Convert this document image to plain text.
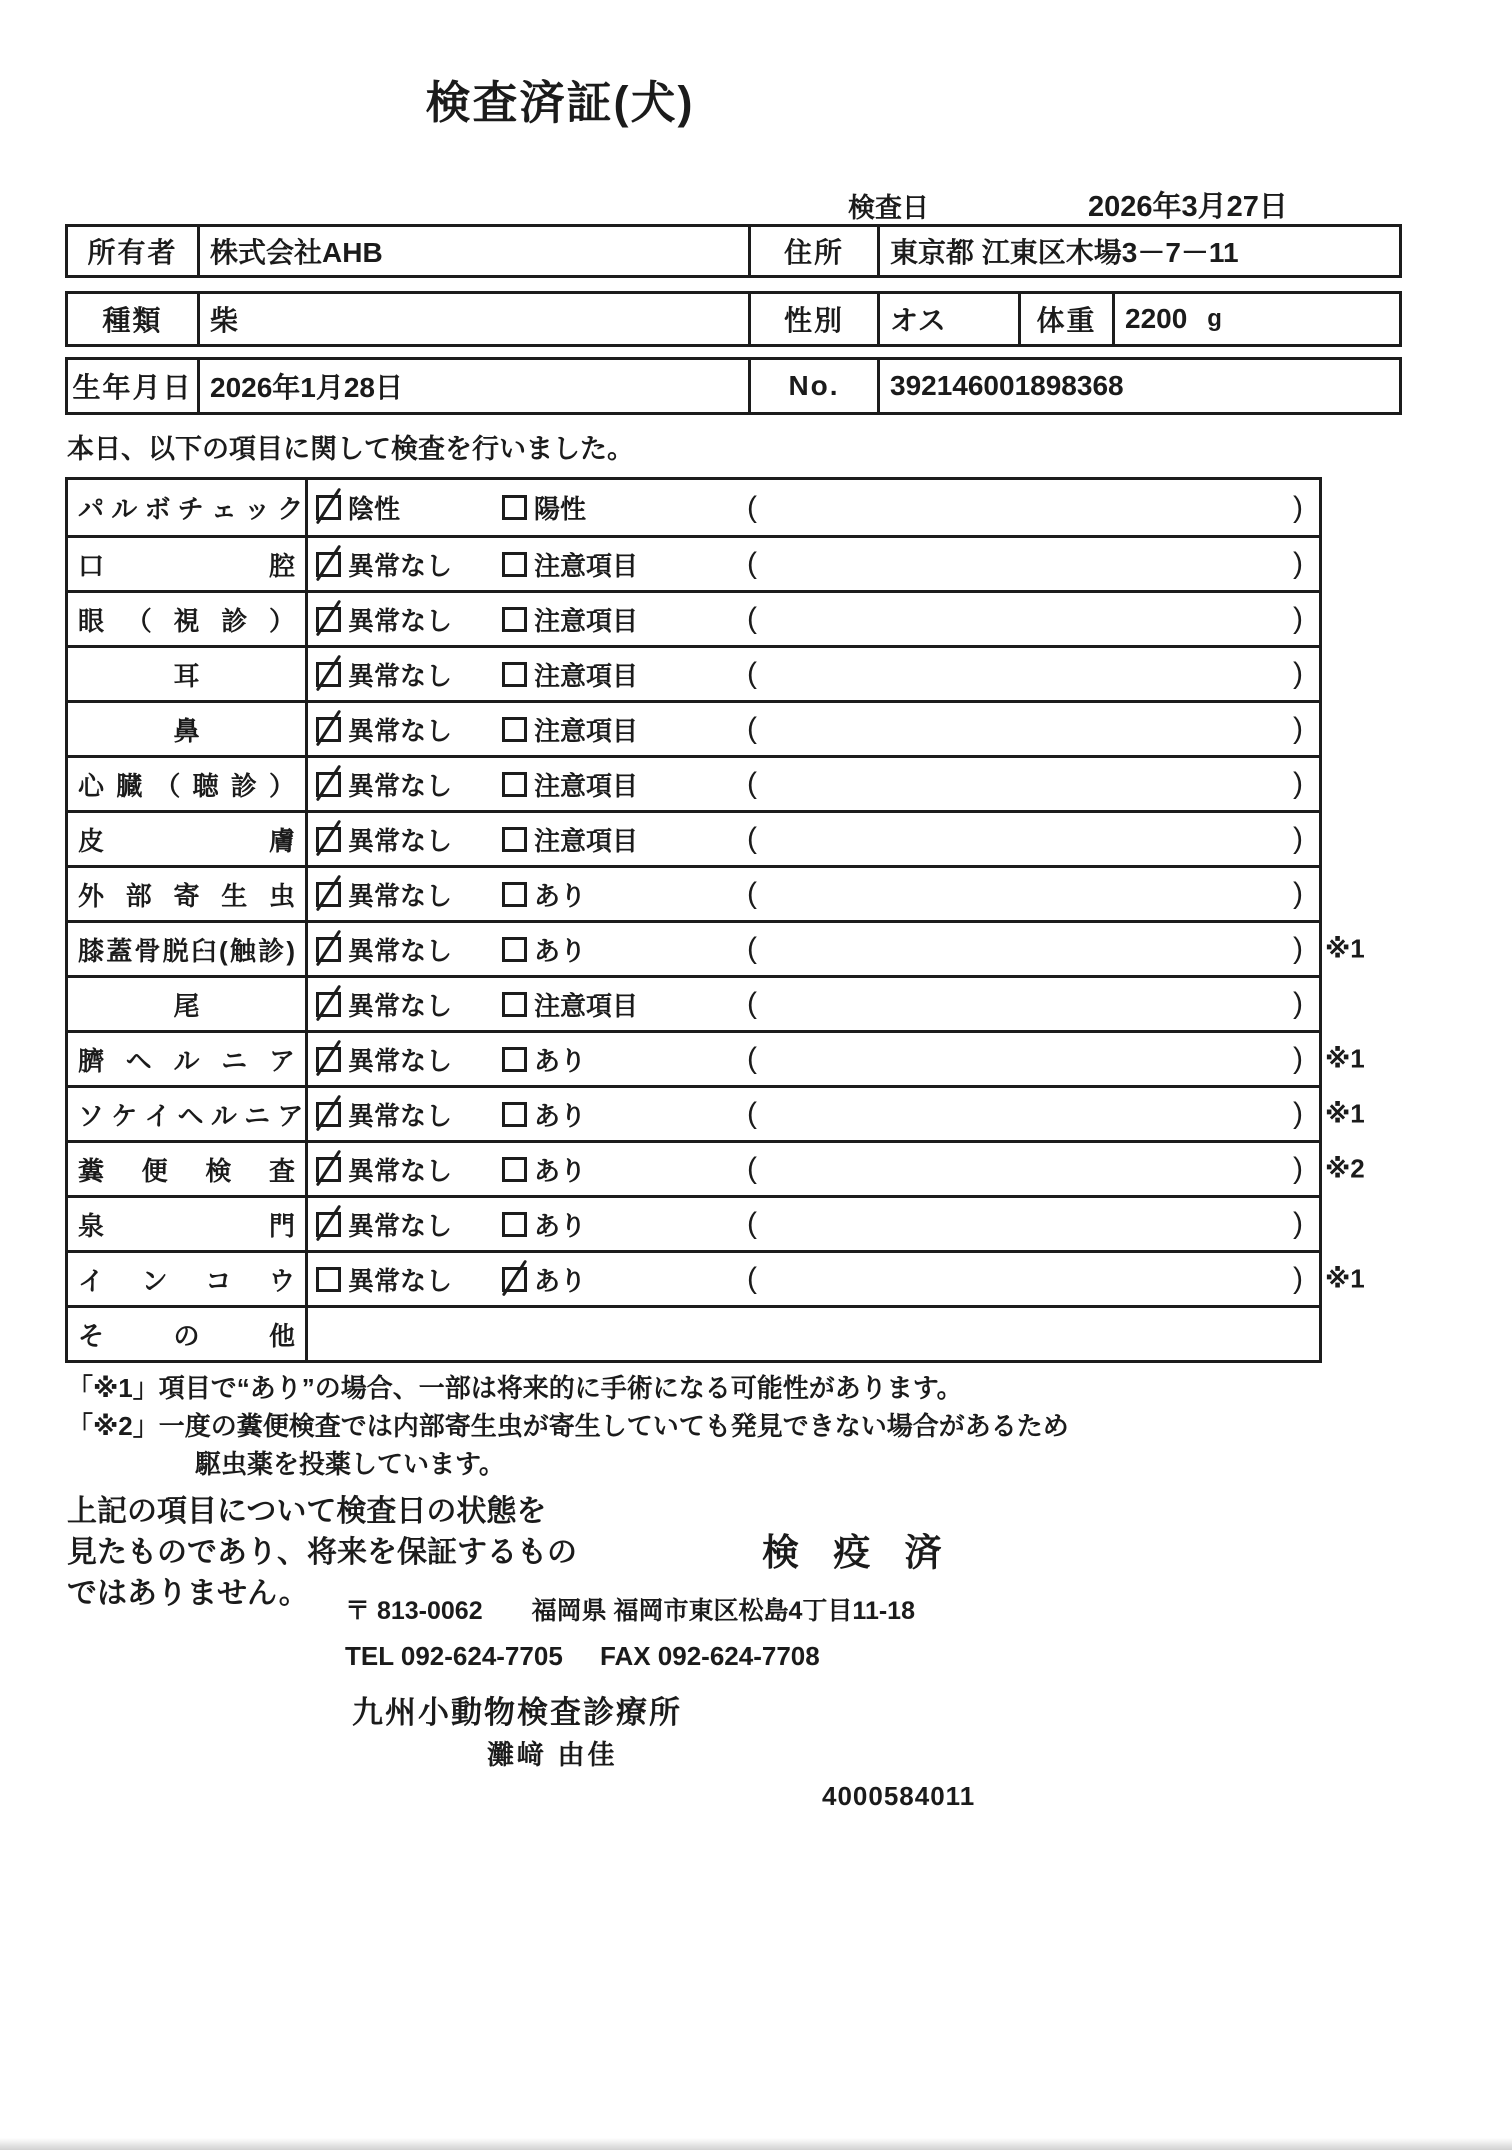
検査済証(犬)
検査日	2026年3月27日
所有者	株式会社AHB	住所	東京都 江東区木場3－7－11
種類	柴	性別	オス	体重	2200 g
生年月日 2026年1月28日	No.	392146001898368
本日、以下の項目に関して検査を行いました。
パ ル ボ チ ェ ッ ク 陰性	陽性	(	)
口 腔 異常なし	注意項目	(	)
眼 （ 視 診 ） 異常なし	注意項目	(	)
耳	異常なし	注意項目	(	)
鼻	異常なし	注意項目	(	)
心 臓 （ 聴 診 ） 異常なし	注意項目	(	)
皮 膚 異常なし	注意項目	(	)
外 部 寄 生 虫 異常なし	あり	(	)
膝蓋骨脱臼(触診) 異常なし	あり	(	) ※1
尾	異常なし	注意項目	(	)
臍 ヘ ル ニ ア 異常なし	あり	(	) ※1
ソ ケ イ ヘ ル ニ ア 異常なし	あり	(	) ※1
糞 便 検 査 異常なし	あり	(	) ※2
泉 門 異常なし	あり	(	)
イ ン コ ウ 異常なし	あり	(	) ※1
そ の 他
「※1」項目で“あり”の場合、一部は将来的に手術になる可能性があります。
「※2」一度の糞便検査では内部寄生虫が寄生していても発見できない場合があるため
駆虫薬を投薬しています。
上記の項目について検査日の状態を
見たものであり、将来を保証するもの
ではありません。
検 疫 済
〒 813-0062 福岡県 福岡市東区松島4丁目11-18
TEL 092-624-7705 FAX 092-624-7708
九州小動物検査診療所
灘﨑 由佳
4000584011
